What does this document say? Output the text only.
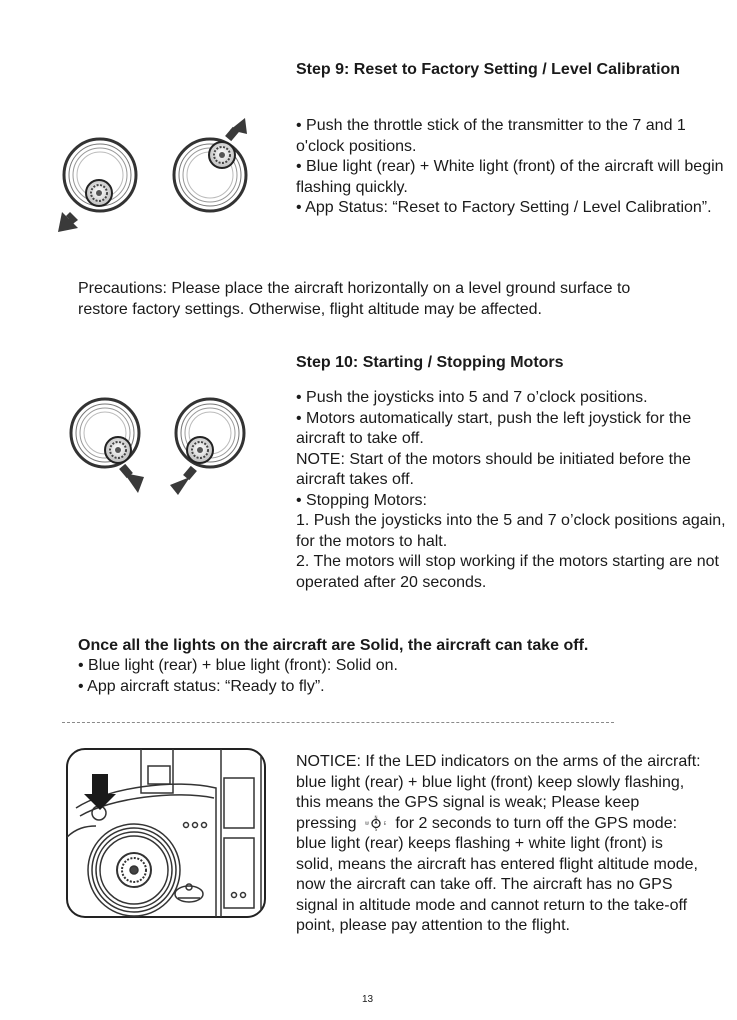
Step 9: Reset to Factory Setting / Level Calibration

• Push the throttle stick of the transmitter to the 7 and 1 o'clock positions.

• Blue light (rear) + White light (front) of the aircraft will begin flashing quickly.

• App Status: “Reset to Factory Setting / Level Calibration”.

Precautions: Please place the aircraft horizontally on a level ground surface to restore factory settings. Otherwise, flight altitude may be affected.
Step 10: Starting / Stopping Motors

• Push the joysticks into 5 and 7 o’clock positions.

• Motors automatically start, push the left joystick for the aircraft to take off.

NOTE: Start of the motors should be initiated before the aircraft takes off.

• Stopping Motors:

1. Push the joysticks into the 5 and 7 o’clock positions again, for the motors to halt.

2. The motors will stop working if the motors starting are not operated after 20 seconds.

Once all the lights on the aircraft are Solid, the aircraft can take off.

• Blue light (rear) + blue light (front): Solid on.

• App aircraft status: “Ready to fly”.

NOTICE: If the LED indicators on the arms of the aircraft: blue light (rear) + blue light (front) keep slowly flashing, this means the GPS signal is weak; Please keep pressing	N
W	E
S for 2 seconds to turn off the GPS mode: blue light (rear) keeps flashing + white light (front) is solid, means the aircraft has entered flight altitude mode, now the aircraft can take off. The aircraft has no GPS signal in altitude mode and cannot return to the take-off point, please pay attention to the flight.
13
